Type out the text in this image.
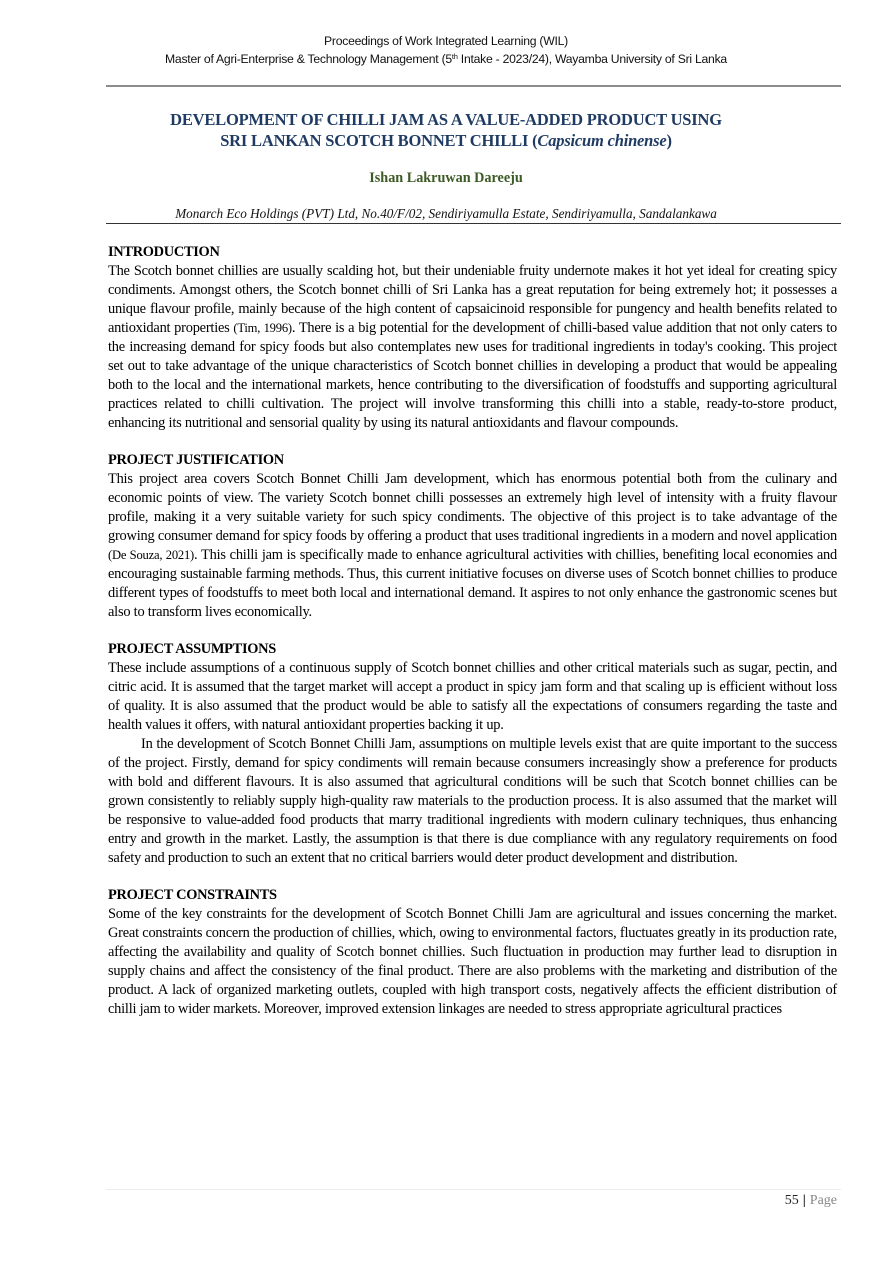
Proceedings of Work Integrated Learning (WIL)
Master of Agri-Enterprise & Technology Management (5th Intake - 2023/24), Wayamba University of Sri Lanka
DEVELOPMENT OF CHILLI JAM AS A VALUE-ADDED PRODUCT USING
SRI LANKAN SCOTCH BONNET CHILLI (Capsicum chinense)
Ishan Lakruwan Dareeju
Monarch Eco Holdings (PVT) Ltd, No.40/F/02, Sendiriyamulla Estate, Sendiriyamulla, Sandalankawa
INTRODUCTION

The Scotch bonnet chillies are usually scalding hot, but their undeniable fruity undernote makes it hot yet ideal for creating spicy condiments. Amongst others, the Scotch bonnet chilli of Sri Lanka has a great reputation for being extremely hot; it possesses a unique flavour profile, mainly because of the high content of capsaicinoid responsible for pungency and health benefits related to antioxidant properties (Tim, 1996). There is a big potential for the development of chilli-based value addition that not only caters to the increasing demand for spicy foods but also contemplates new uses for traditional ingredients in today's cooking. This project set out to take advantage of the unique characteristics of Scotch bonnet chillies in developing a product that would be appealing both to the local and the international markets, hence contributing to the diversification of foodstuffs and supporting agricultural practices related to chilli cultivation. The project will involve transforming this chilli into a stable, ready-to-store product, enhancing its nutritional and sensorial quality by using its natural antioxidants and flavour compounds.

PROJECT JUSTIFICATION

This project area covers Scotch Bonnet Chilli Jam development, which has enormous potential both from the culinary and economic points of view. The variety Scotch bonnet chilli possesses an extremely high level of intensity with a fruity flavour profile, making it a very suitable variety for such spicy condiments. The objective of this project is to take advantage of the growing consumer demand for spicy foods by offering a product that uses traditional ingredients in a modern and novel application (De Souza, 2021). This chilli jam is specifically made to enhance agricultural activities with chillies, benefiting local economies and encouraging sustainable farming methods. Thus, this current initiative focuses on diverse uses of Scotch bonnet chillies to produce different types of foodstuffs to meet both local and international demand. It aspires to not only enhance the gastronomic scenes but also to transform lives economically.

PROJECT ASSUMPTIONS

These include assumptions of a continuous supply of Scotch bonnet chillies and other critical materials such as sugar, pectin, and citric acid. It is assumed that the target market will accept a product in spicy jam form and that scaling up is efficient without loss of quality. It is also assumed that the product would be able to satisfy all the expectations of consumers regarding the taste and health values it offers, with natural antioxidant properties backing it up.

In the development of Scotch Bonnet Chilli Jam, assumptions on multiple levels exist that are quite important to the success of the project. Firstly, demand for spicy condiments will remain because consumers increasingly show a preference for products with bold and different flavours. It is also assumed that agricultural conditions will be such that Scotch bonnet chillies can be grown consistently to reliably supply high-quality raw materials to the production process. It is also assumed that the market will be responsive to value-added food products that marry traditional ingredients with modern culinary techniques, thus enhancing entry and growth in the market. Lastly, the assumption is that there is due compliance with any regulatory requirements on food safety and production to such an extent that no critical barriers would deter product development and distribution.

PROJECT CONSTRAINTS

Some of the key constraints for the development of Scotch Bonnet Chilli Jam are agricultural and issues concerning the market. Great constraints concern the production of chillies, which, owing to environmental factors, fluctuates greatly in its production rate, affecting the availability and quality of Scotch bonnet chillies. Such fluctuation in production may further lead to disruption in supply chains and affect the consistency of the final product. There are also problems with the marketing and distribution of the product. A lack of organized marketing outlets, coupled with high transport costs, negatively affects the efficient distribution of chilli jam to wider markets. Moreover, improved extension linkages are needed to stress appropriate agricultural practices

55 | Page
